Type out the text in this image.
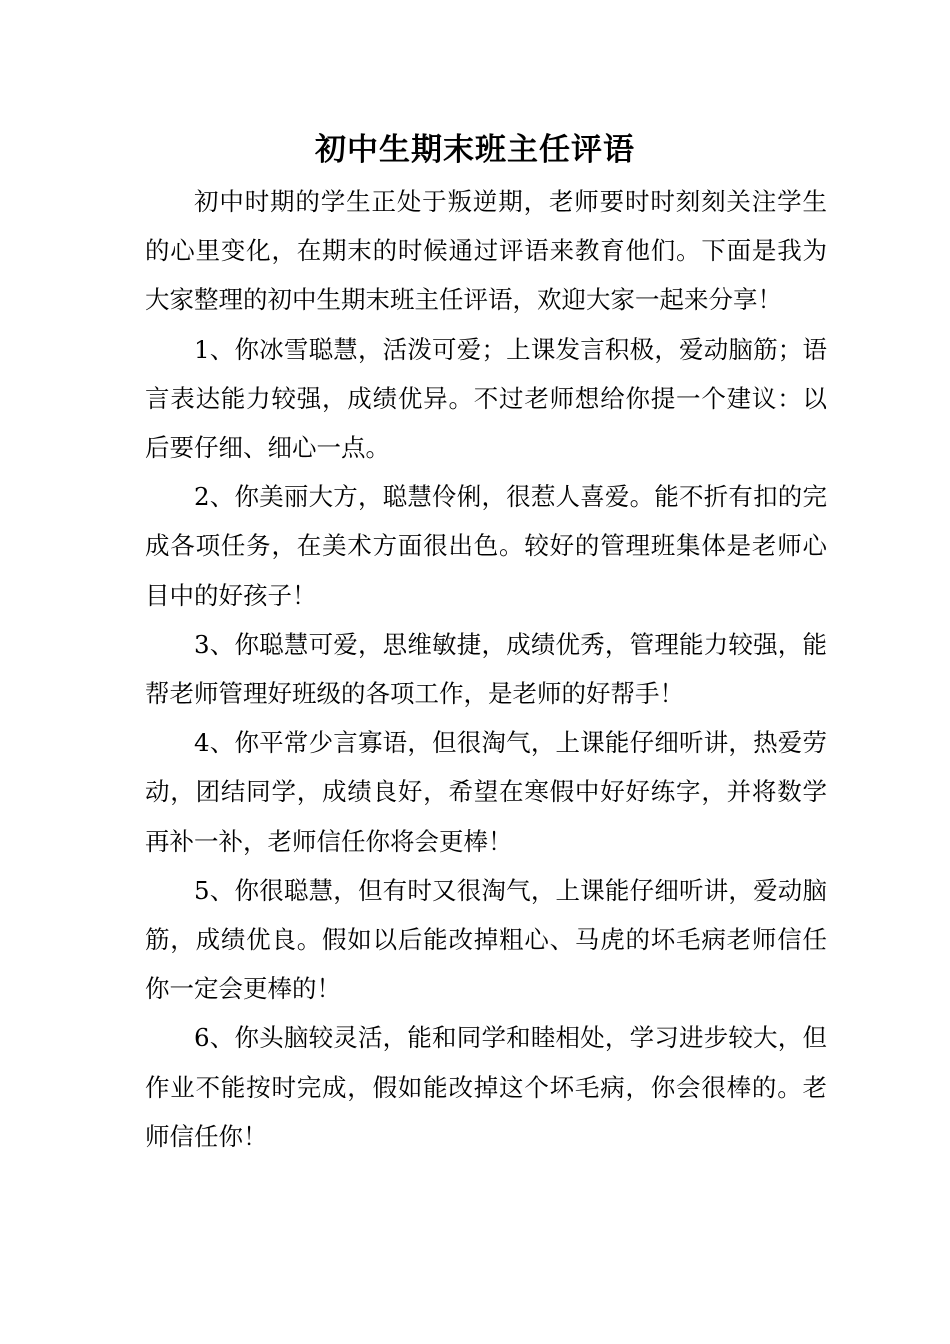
初中生期末班主任评语

初中时期的学生正处于叛逆期，老师要时时刻刻关注学生的心里变化，在期末的时候通过评语来教育他们。下面是我为大家整理的初中生期末班主任评语，欢迎大家一起来分享！

1、你冰雪聪慧，活泼可爱；上课发言积极，爱动脑筋；语言表达能力较强，成绩优异。不过老师想给你提一个建议：以后要仔细、细心一点。

2、你美丽大方，聪慧伶俐，很惹人喜爱。能不折有扣的完成各项任务，在美术方面很出色。较好的管理班集体是老师心目中的好孩子！

3、你聪慧可爱，思维敏捷，成绩优秀，管理能力较强，能帮老师管理好班级的各项工作，是老师的好帮手！

4、你平常少言寡语，但很淘气，上课能仔细听讲，热爱劳动，团结同学，成绩良好，希望在寒假中好好练字，并将数学再补一补，老师信任你将会更棒！

5、你很聪慧，但有时又很淘气，上课能仔细听讲，爱动脑筋，成绩优良。假如以后能改掉粗心、马虎的坏毛病老师信任你一定会更棒的！

6、你头脑较灵活，能和同学和睦相处，学习进步较大，但作业不能按时完成，假如能改掉这个坏毛病，你会很棒的。老师信任你！
